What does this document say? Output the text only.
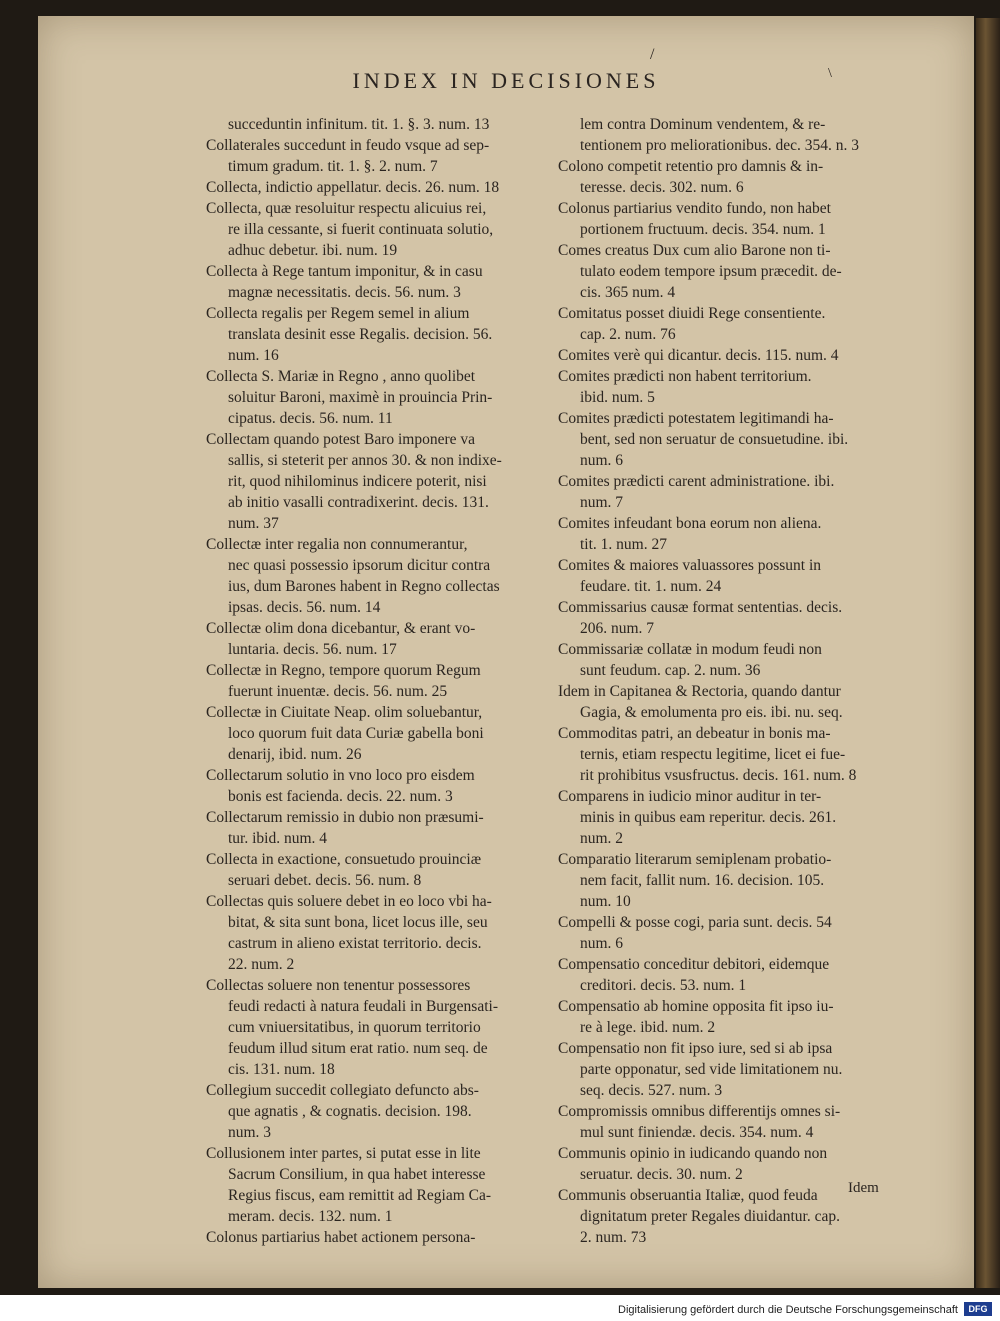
/
\
INDEX IN DECISIONES
succeduntin infinitum. tit. 1. §. 3. num. 13
Collaterales succedunt in feudo vsque ad sep-
timum gradum. tit. 1. §. 2. num. 7
Collecta, indictio appellatur. decis. 26. num. 18
Collecta, quæ resoluitur respectu alicuius rei,
re illa cessante, si fuerit continuata solutio,
adhuc debetur. ibi. num. 19
Collecta à Rege tantum imponitur, & in casu
magnæ necessitatis. decis. 56. num. 3
Collecta regalis per Regem semel in alium
translata desinit esse Regalis. decision. 56.
num. 16
Collecta S. Mariæ in Regno , anno quolibet
soluitur Baroni, maximè in prouincia Prin-
cipatus. decis. 56. num. 11
Collectam quando potest Baro imponere va
sallis, si steterit per annos 30. & non indixe-
rit, quod nihilominus indicere poterit, nisi
ab initio vasalli contradixerint. decis. 131.
num. 37
Collectæ inter regalia non connumerantur,
nec quasi possessio ipsorum dicitur contra
ius, dum Barones habent in Regno collectas
ipsas. decis. 56. num. 14
Collectæ olim dona dicebantur, & erant vo-
luntaria. decis. 56. num. 17
Collectæ in Regno, tempore quorum Regum
fuerunt inuentæ. decis. 56. num. 25
Collectæ in Ciuitate Neap. olim soluebantur,
loco quorum fuit data Curiæ gabella boni
denarij, ibid. num. 26
Collectarum solutio in vno loco pro eisdem
bonis est facienda. decis. 22. num. 3
Collectarum remissio in dubio non præsumi-
tur. ibid. num. 4
Collecta in exactione, consuetudo prouinciæ
seruari debet. decis. 56. num. 8
Collectas quis soluere debet in eo loco vbi ha-
bitat, & sita sunt bona, licet locus ille, seu
castrum in alieno existat territorio. decis.
22. num. 2
Collectas soluere non tenentur possessores
feudi redacti à natura feudali in Burgensati-
cum vniuersitatibus, in quorum territorio
feudum illud situm erat ratio. num seq. de
cis. 131. num. 18
Collegium succedit collegiato defuncto abs-
que agnatis , & cognatis. decision. 198.
num. 3
Collusionem inter partes, si putat esse in lite
Sacrum Consilium, in qua habet interesse
Regius fiscus, eam remittit ad Regiam Ca-
meram. decis. 132. num. 1
Colonus partiarius habet actionem persona-
lem contra Dominum vendentem, & re-
tentionem pro meliorationibus. dec. 354. n. 3
Colono competit retentio pro damnis & in-
teresse. decis. 302. num. 6
Colonus partiarius vendito fundo, non habet
portionem fructuum. decis. 354. num. 1
Comes creatus Dux cum alio Barone non ti-
tulato eodem tempore ipsum præcedit. de-
cis. 365 num. 4
Comitatus posset diuidi Rege consentiente.
cap. 2. num. 76
Comites verè qui dicantur. decis. 115. num. 4
Comites prædicti non habent territorium.
ibid. num. 5
Comites prædicti potestatem legitimandi ha-
bent, sed non seruatur de consuetudine. ibi.
num. 6
Comites prædicti carent administratione. ibi.
num. 7
Comites infeudant bona eorum non aliena.
tit. 1. num. 27
Comites & maiores valuassores possunt in
feudare. tit. 1. num. 24
Commissarius causæ format sententias. decis.
206. num. 7
Commissariæ collatæ in modum feudi non
sunt feudum. cap. 2. num. 36
Idem in Capitanea & Rectoria, quando dantur
Gagia, & emolumenta pro eis. ibi. nu. seq.
Commoditas patri, an debeatur in bonis ma-
ternis, etiam respectu legitime, licet ei fue-
rit prohibitus vsusfructus. decis. 161. num. 8
Comparens in iudicio minor auditur in ter-
minis in quibus eam reperitur. decis. 261.
num. 2
Comparatio literarum semiplenam probatio-
nem facit, fallit num. 16. decision. 105.
num. 10
Compelli & posse cogi, paria sunt. decis. 54
num. 6
Compensatio conceditur debitori, eidemque
creditori. decis. 53. num. 1
Compensatio ab homine opposita fit ipso iu-
re à lege. ibid. num. 2
Compensatio non fit ipso iure, sed si ab ipsa
parte opponatur, sed vide limitationem nu.
seq. decis. 527. num. 3
Compromissis omnibus differentijs omnes si-
mul sunt finiendæ. decis. 354. num. 4
Communis opinio in iudicando quando non
seruatur. decis. 30. num. 2
Communis obseruantia Italiæ, quod feuda
dignitatum preter Regales diuidantur. cap.
2. num. 73
Idem
Digitalisierung gefördert durch die Deutsche Forschungsgemeinschaft	DFG
